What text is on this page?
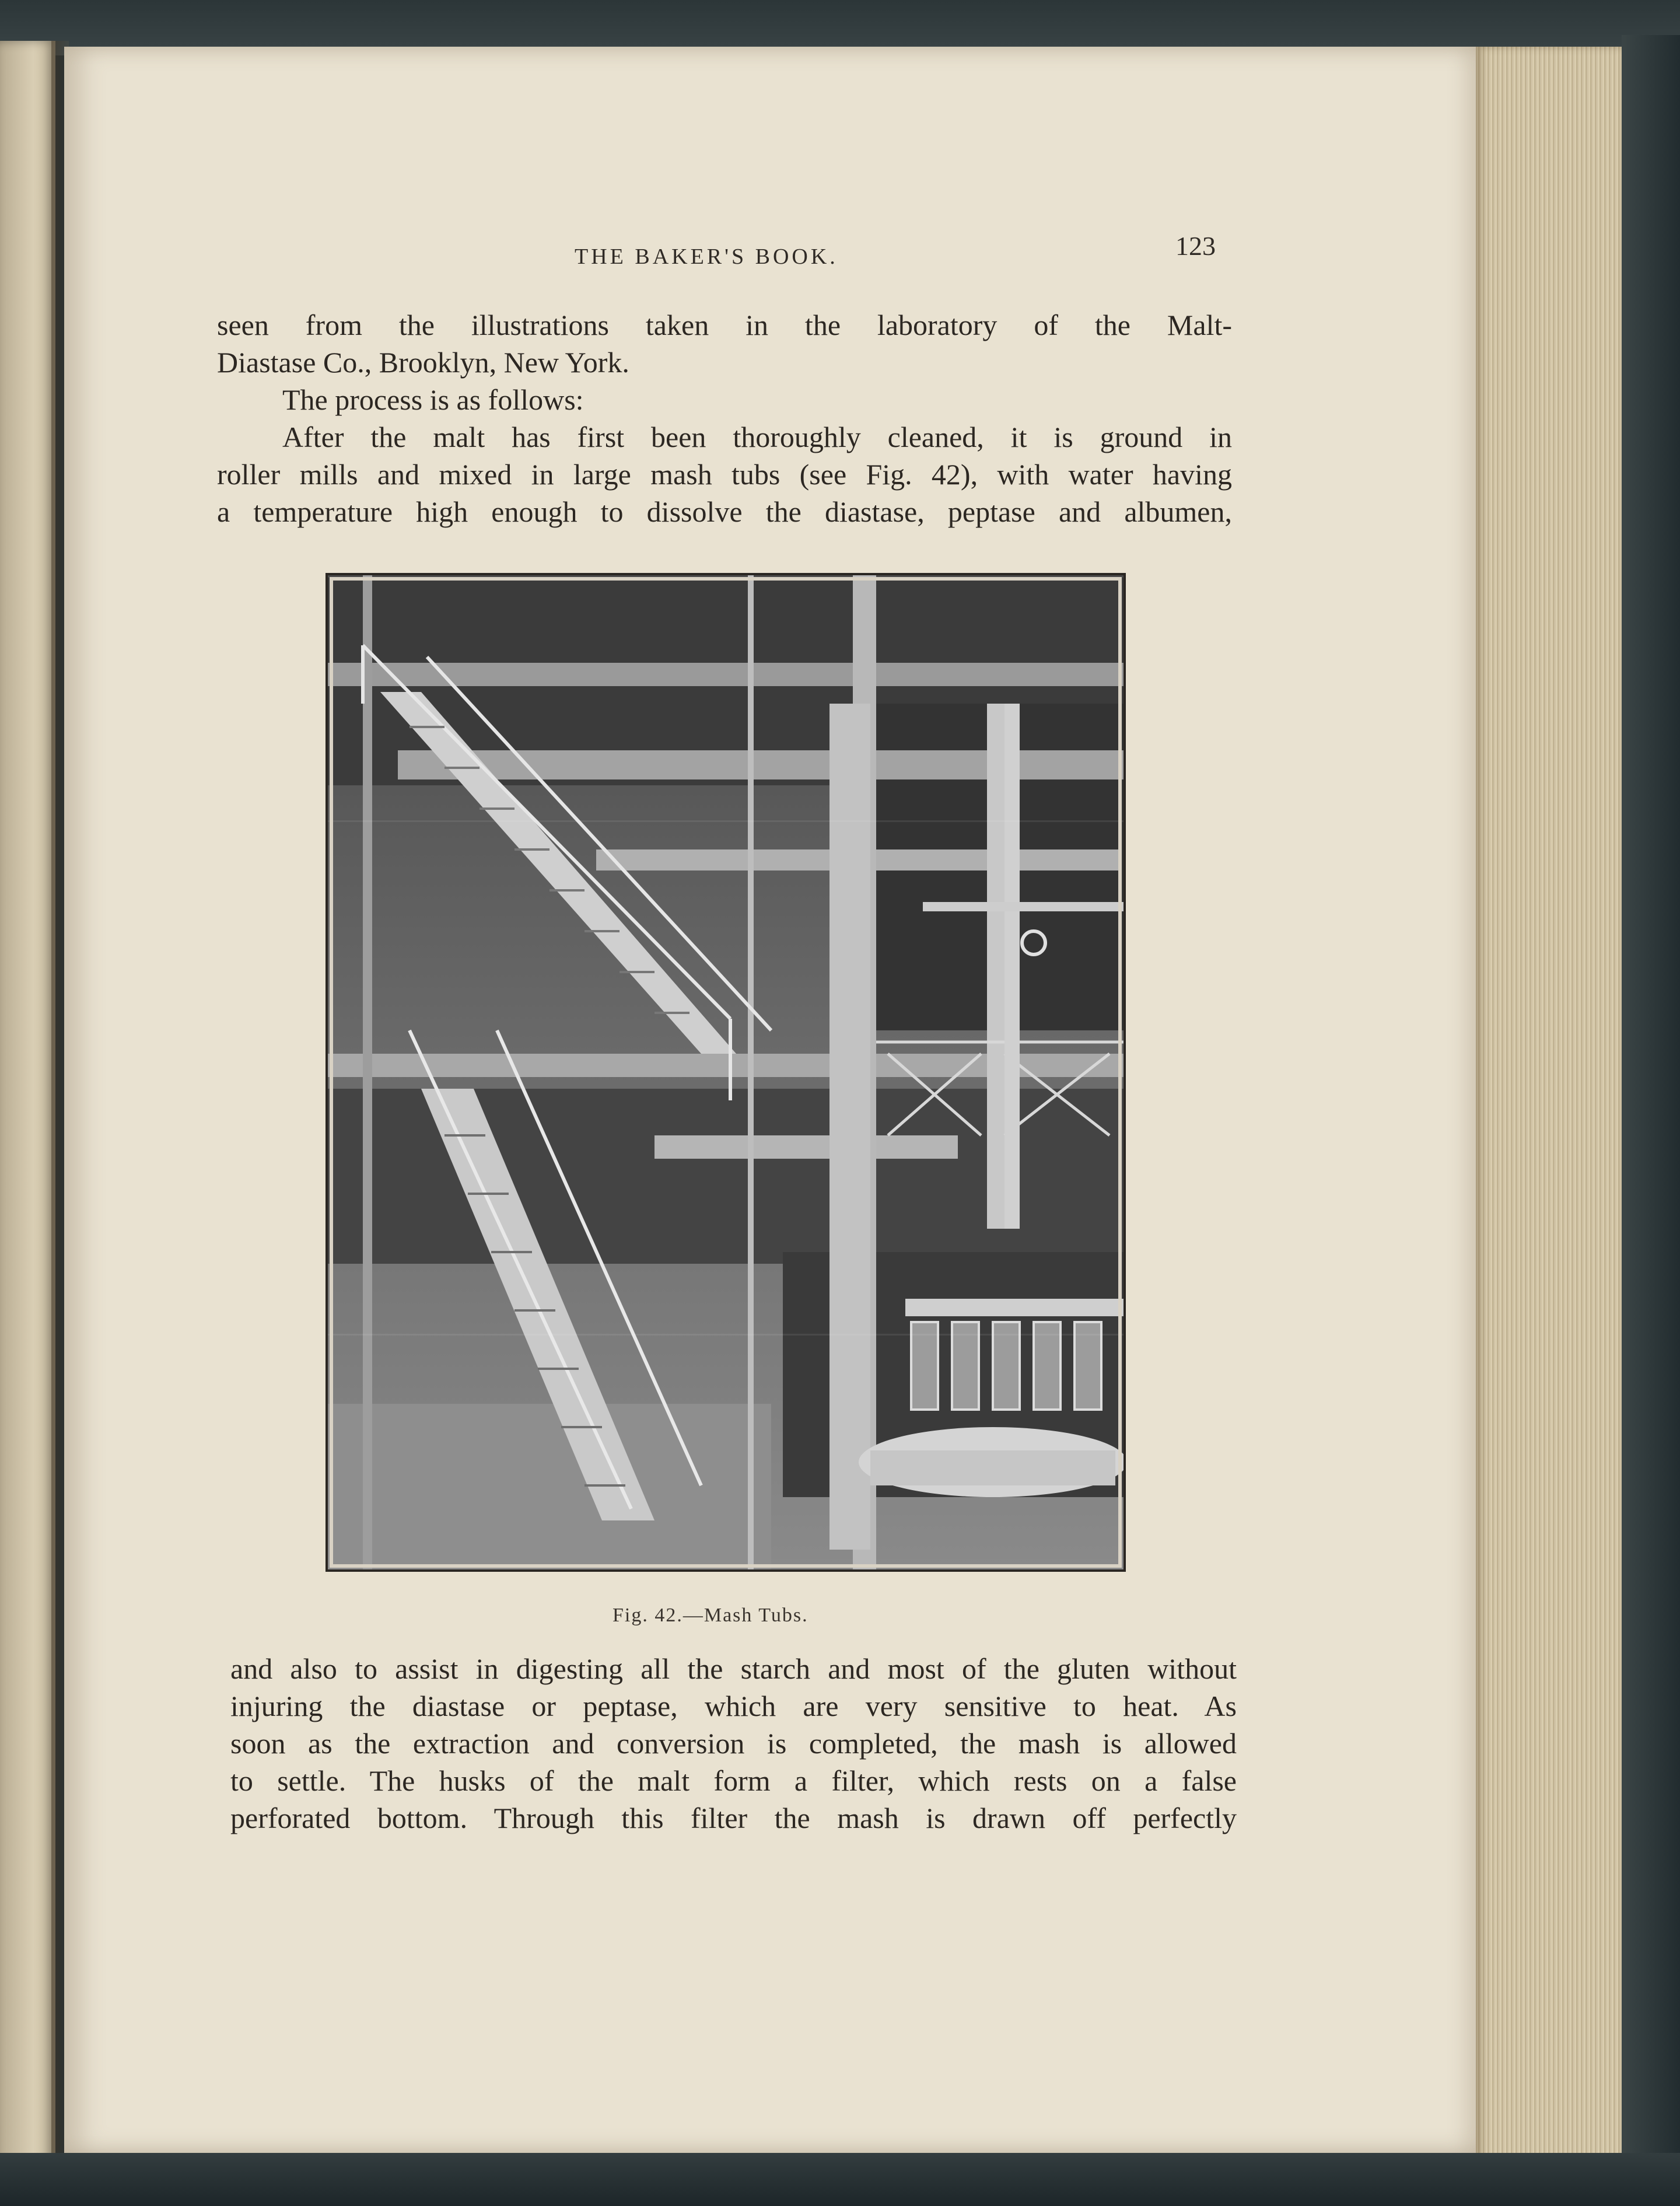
THE BAKER'S BOOK.	123

seen from the illustrations taken in the laboratory of the Malt-

Diastase Co., Brooklyn, New York.

The process is as follows:

After the malt has first been thoroughly cleaned, it is ground in

roller mills and mixed in large mash tubs (see Fig. 42), with water having

a temperature high enough to dissolve the diastase, peptase and albumen,

Fig. 42.—Mash Tubs.

and also to assist in digesting all the starch and most of the gluten without

injuring the diastase or peptase, which are very sensitive to heat. As

soon as the extraction and conversion is completed, the mash is allowed

to settle. The husks of the malt form a filter, which rests on a false

perforated bottom. Through this filter the mash is drawn off perfectly
